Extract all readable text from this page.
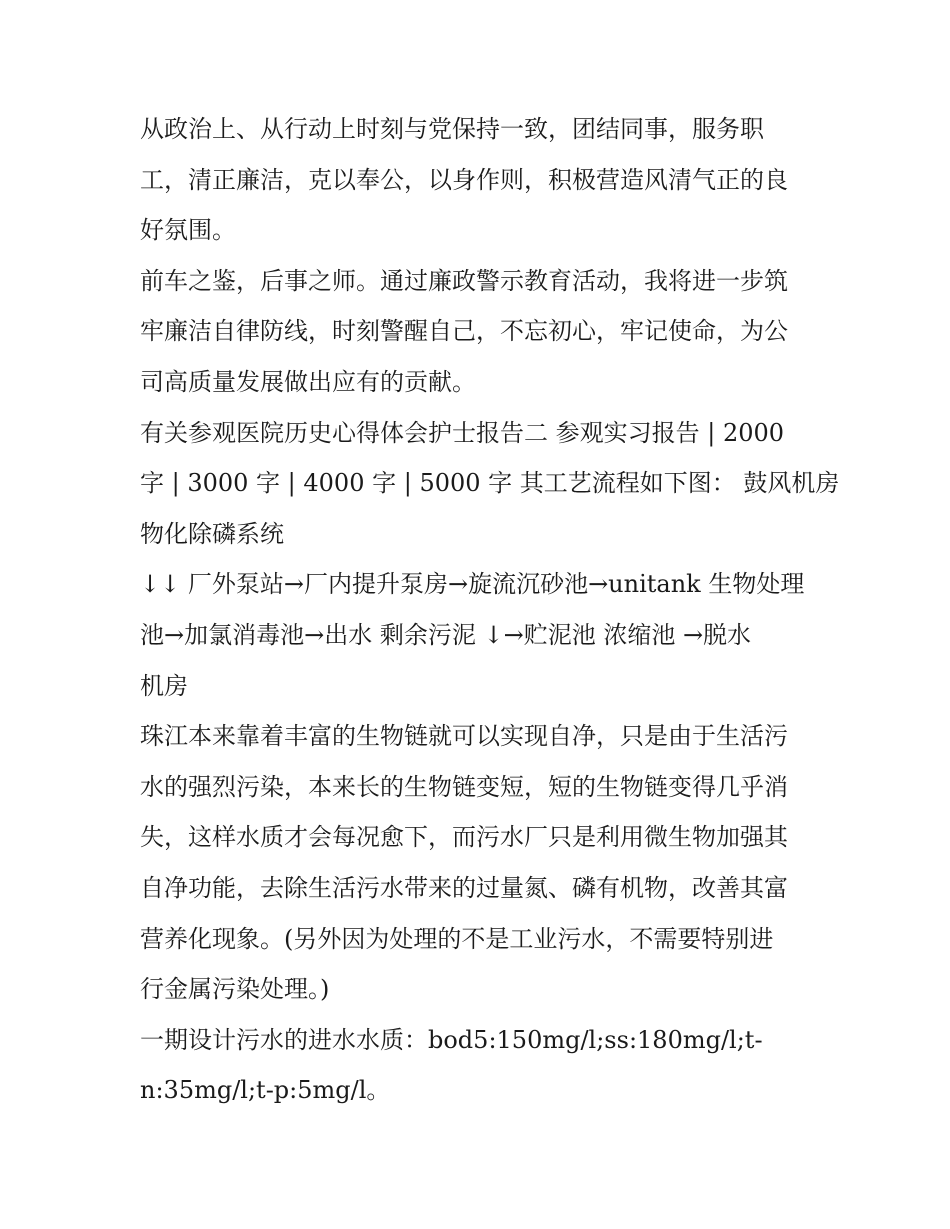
从政治上、从行动上时刻与党保持一致，团结同事，服务职
工，清正廉洁，克以奉公，以身作则，积极营造风清气正的良
好氛围。
前车之鉴，后事之师。通过廉政警示教育活动，我将进一步筑
牢廉洁自律防线，时刻警醒自己，不忘初心，牢记使命，为公
司高质量发展做出应有的贡献。
有关参观医院历史心得体会护士报告二 参观实习报告 | 2000
字 | 3000 字 | 4000 字 | 5000 字 其工艺流程如下图： 鼓风机房
物化除磷系统
↓↓ 厂外泵站→厂内提升泵房→旋流沉砂池→unitank 生物处理
池→加氯消毒池→出水 剩余污泥 ↓→贮泥池 浓缩池 →脱水
机房
珠江本来靠着丰富的生物链就可以实现自净，只是由于生活污
水的强烈污染，本来长的生物链变短，短的生物链变得几乎消
失，这样水质才会每况愈下，而污水厂只是利用微生物加强其
自净功能，去除生活污水带来的过量氮、磷有机物，改善其富
营养化现象。(另外因为处理的不是工业污水，不需要特别进
行金属污染处理。)
一期设计污水的进水水质：bod5:150mg/l;ss:180mg/l;t-
n:35mg/l;t-p:5mg/l。
